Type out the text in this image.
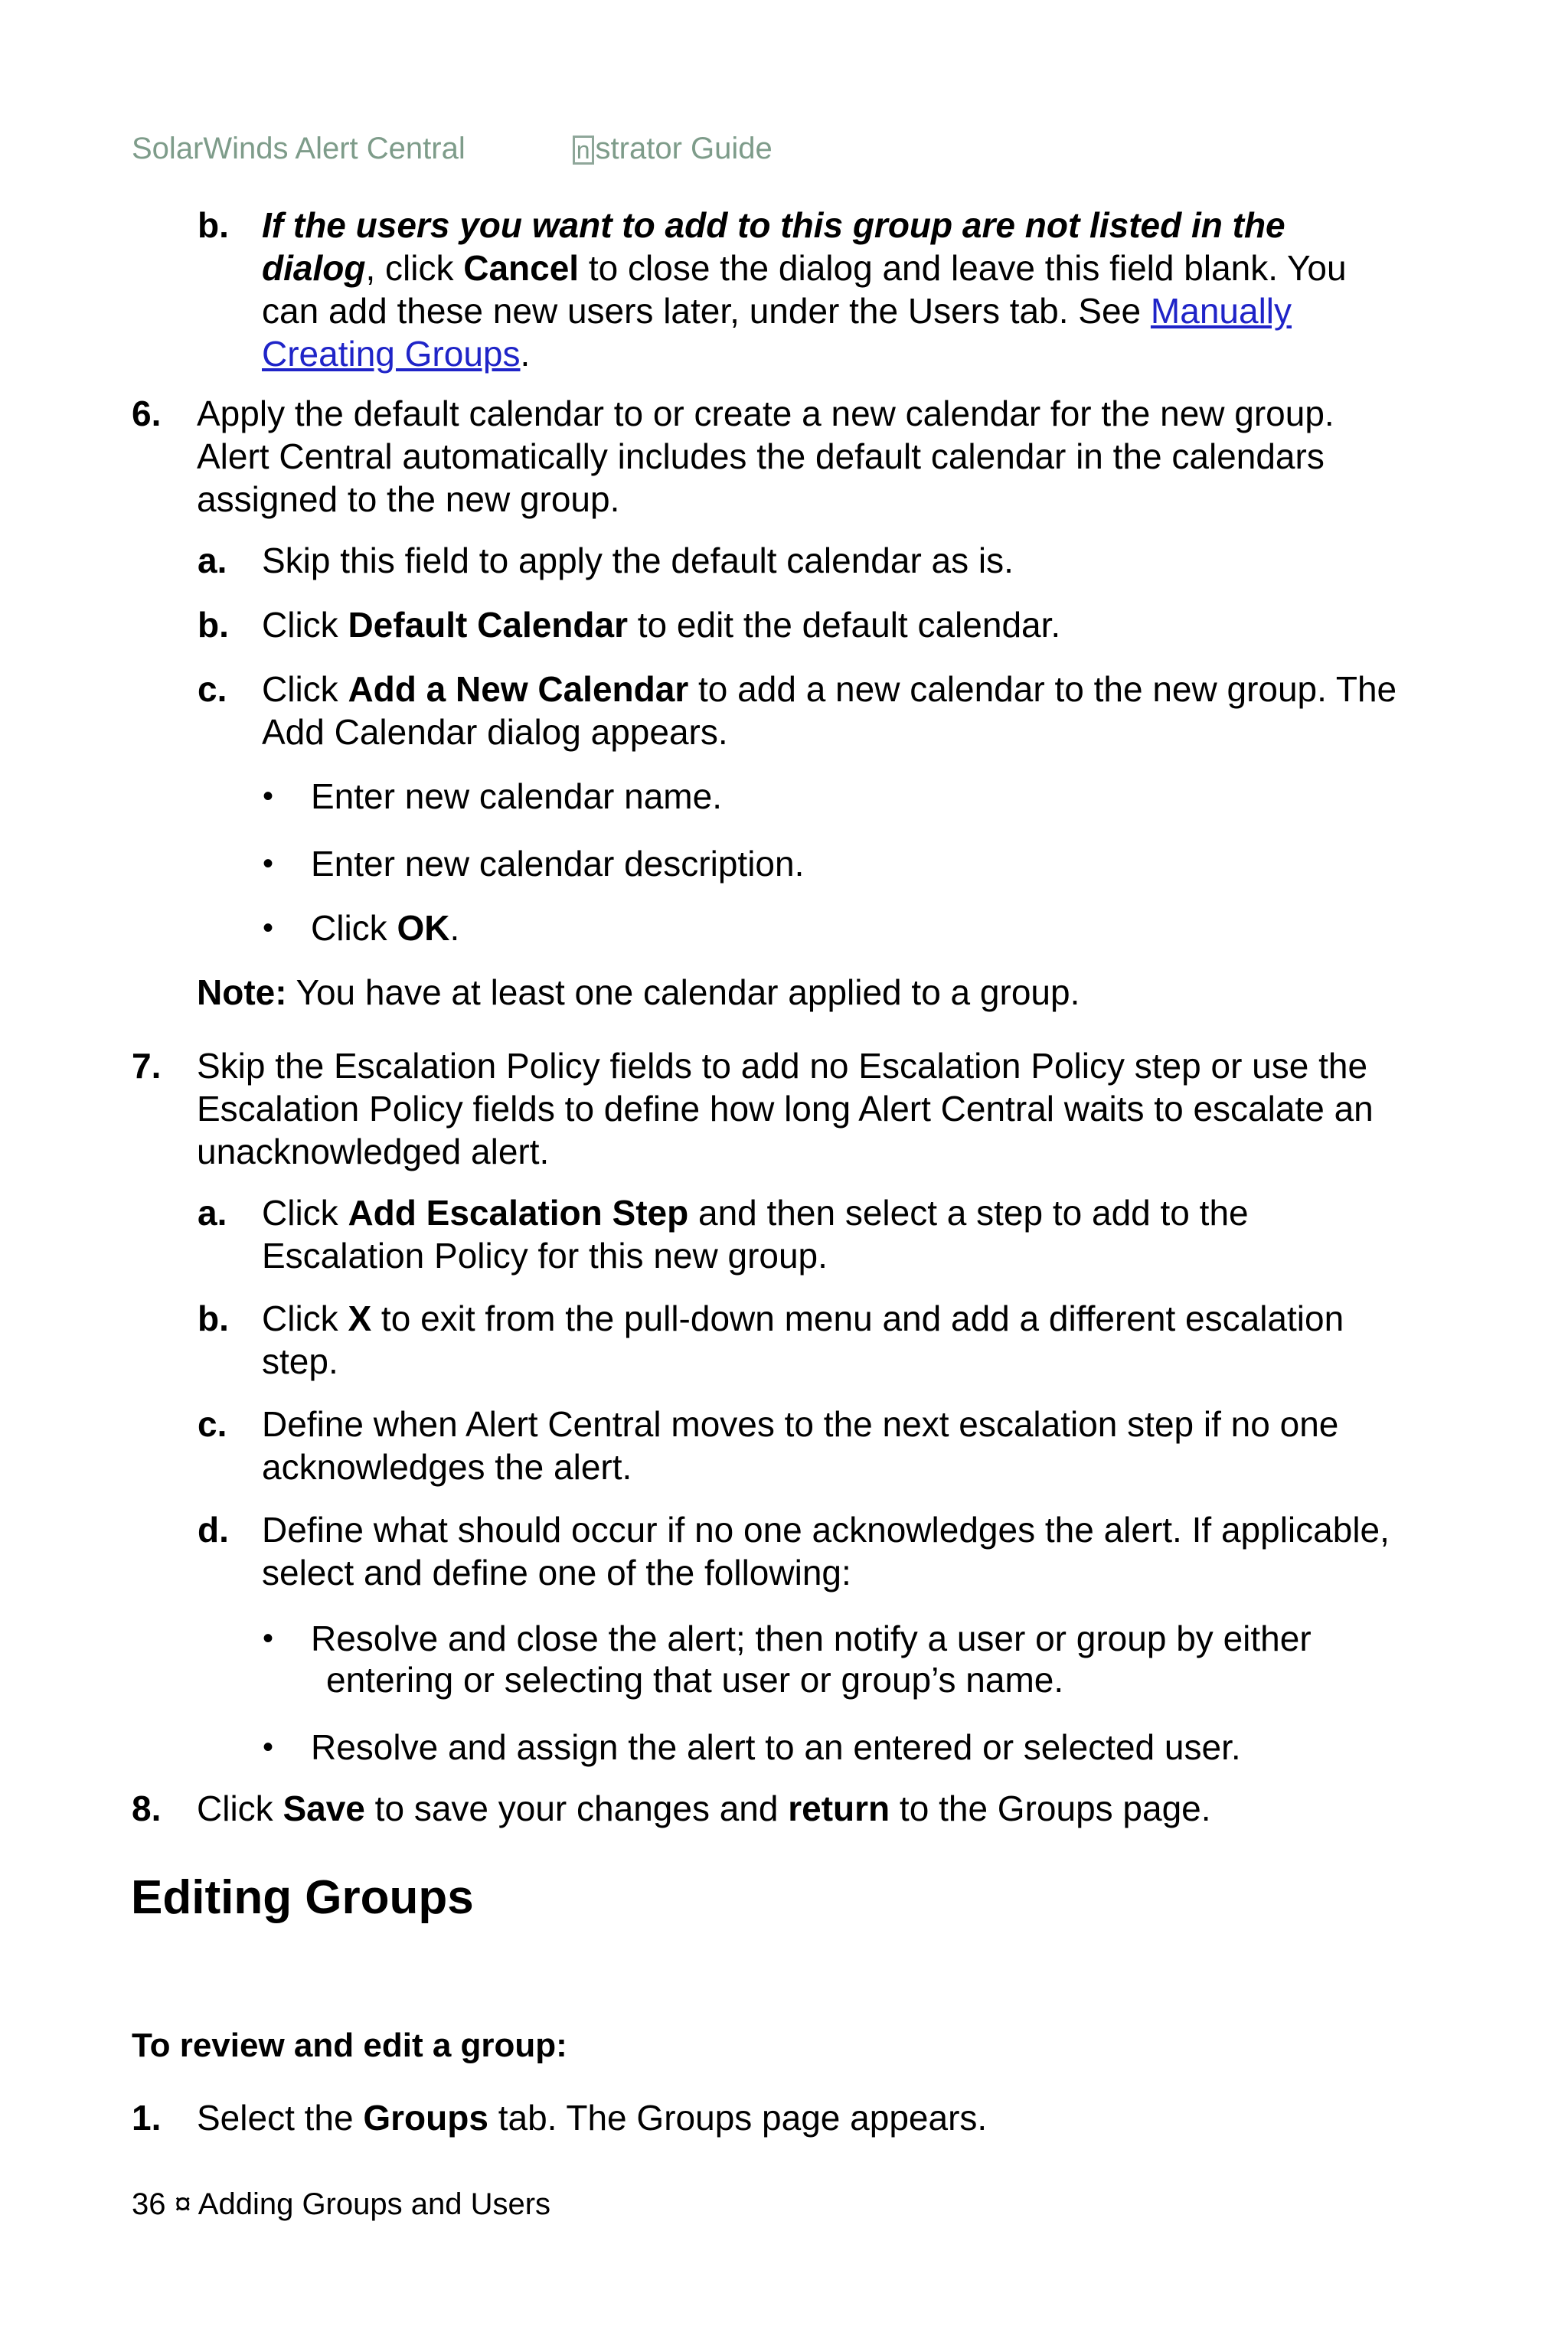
SolarWinds Alert Central	n strator Guide
b. If the users you want to add to this group are not listed in the
dialog, click Cancel to close the dialog and leave this field blank. You
can add these new users later, under the Users tab. See Manually
Creating Groups.
6. Apply the default calendar to or create a new calendar for the new group.
Alert Central automatically includes the default calendar in the calendars
assigned to the new group.
a. Skip this field to apply the default calendar as is.
b. Click Default Calendar to edit the default calendar.
c. Click Add a New Calendar to add a new calendar to the new group. The
Add Calendar dialog appears.
• Enter new calendar name.
• Enter new calendar description.
• Click OK.
Note: You have at least one calendar applied to a group.
7. Skip the Escalation Policy fields to add no Escalation Policy step or use the
Escalation Policy fields to define how long Alert Central waits to escalate an
unacknowledged alert.
a. Click Add Escalation Step and then select a step to add to the
Escalation Policy for this new group.
b. Click X to exit from the pull-down menu and add a different escalation
step.
c. Define when Alert Central moves to the next escalation step if no one
acknowledges the alert.
d. Define what should occur if no one acknowledges the alert. If applicable,
select and define one of the following:
• Resolve and close the alert; then notify a user or group by either
entering or selecting that user or group’s name.
• Resolve and assign the alert to an entered or selected user.
8. Click Save to save your changes and return to the Groups page.
Editing Groups
To review and edit a group:
1. Select the Groups tab. The Groups page appears.
36 ¤ Adding Groups and Users
